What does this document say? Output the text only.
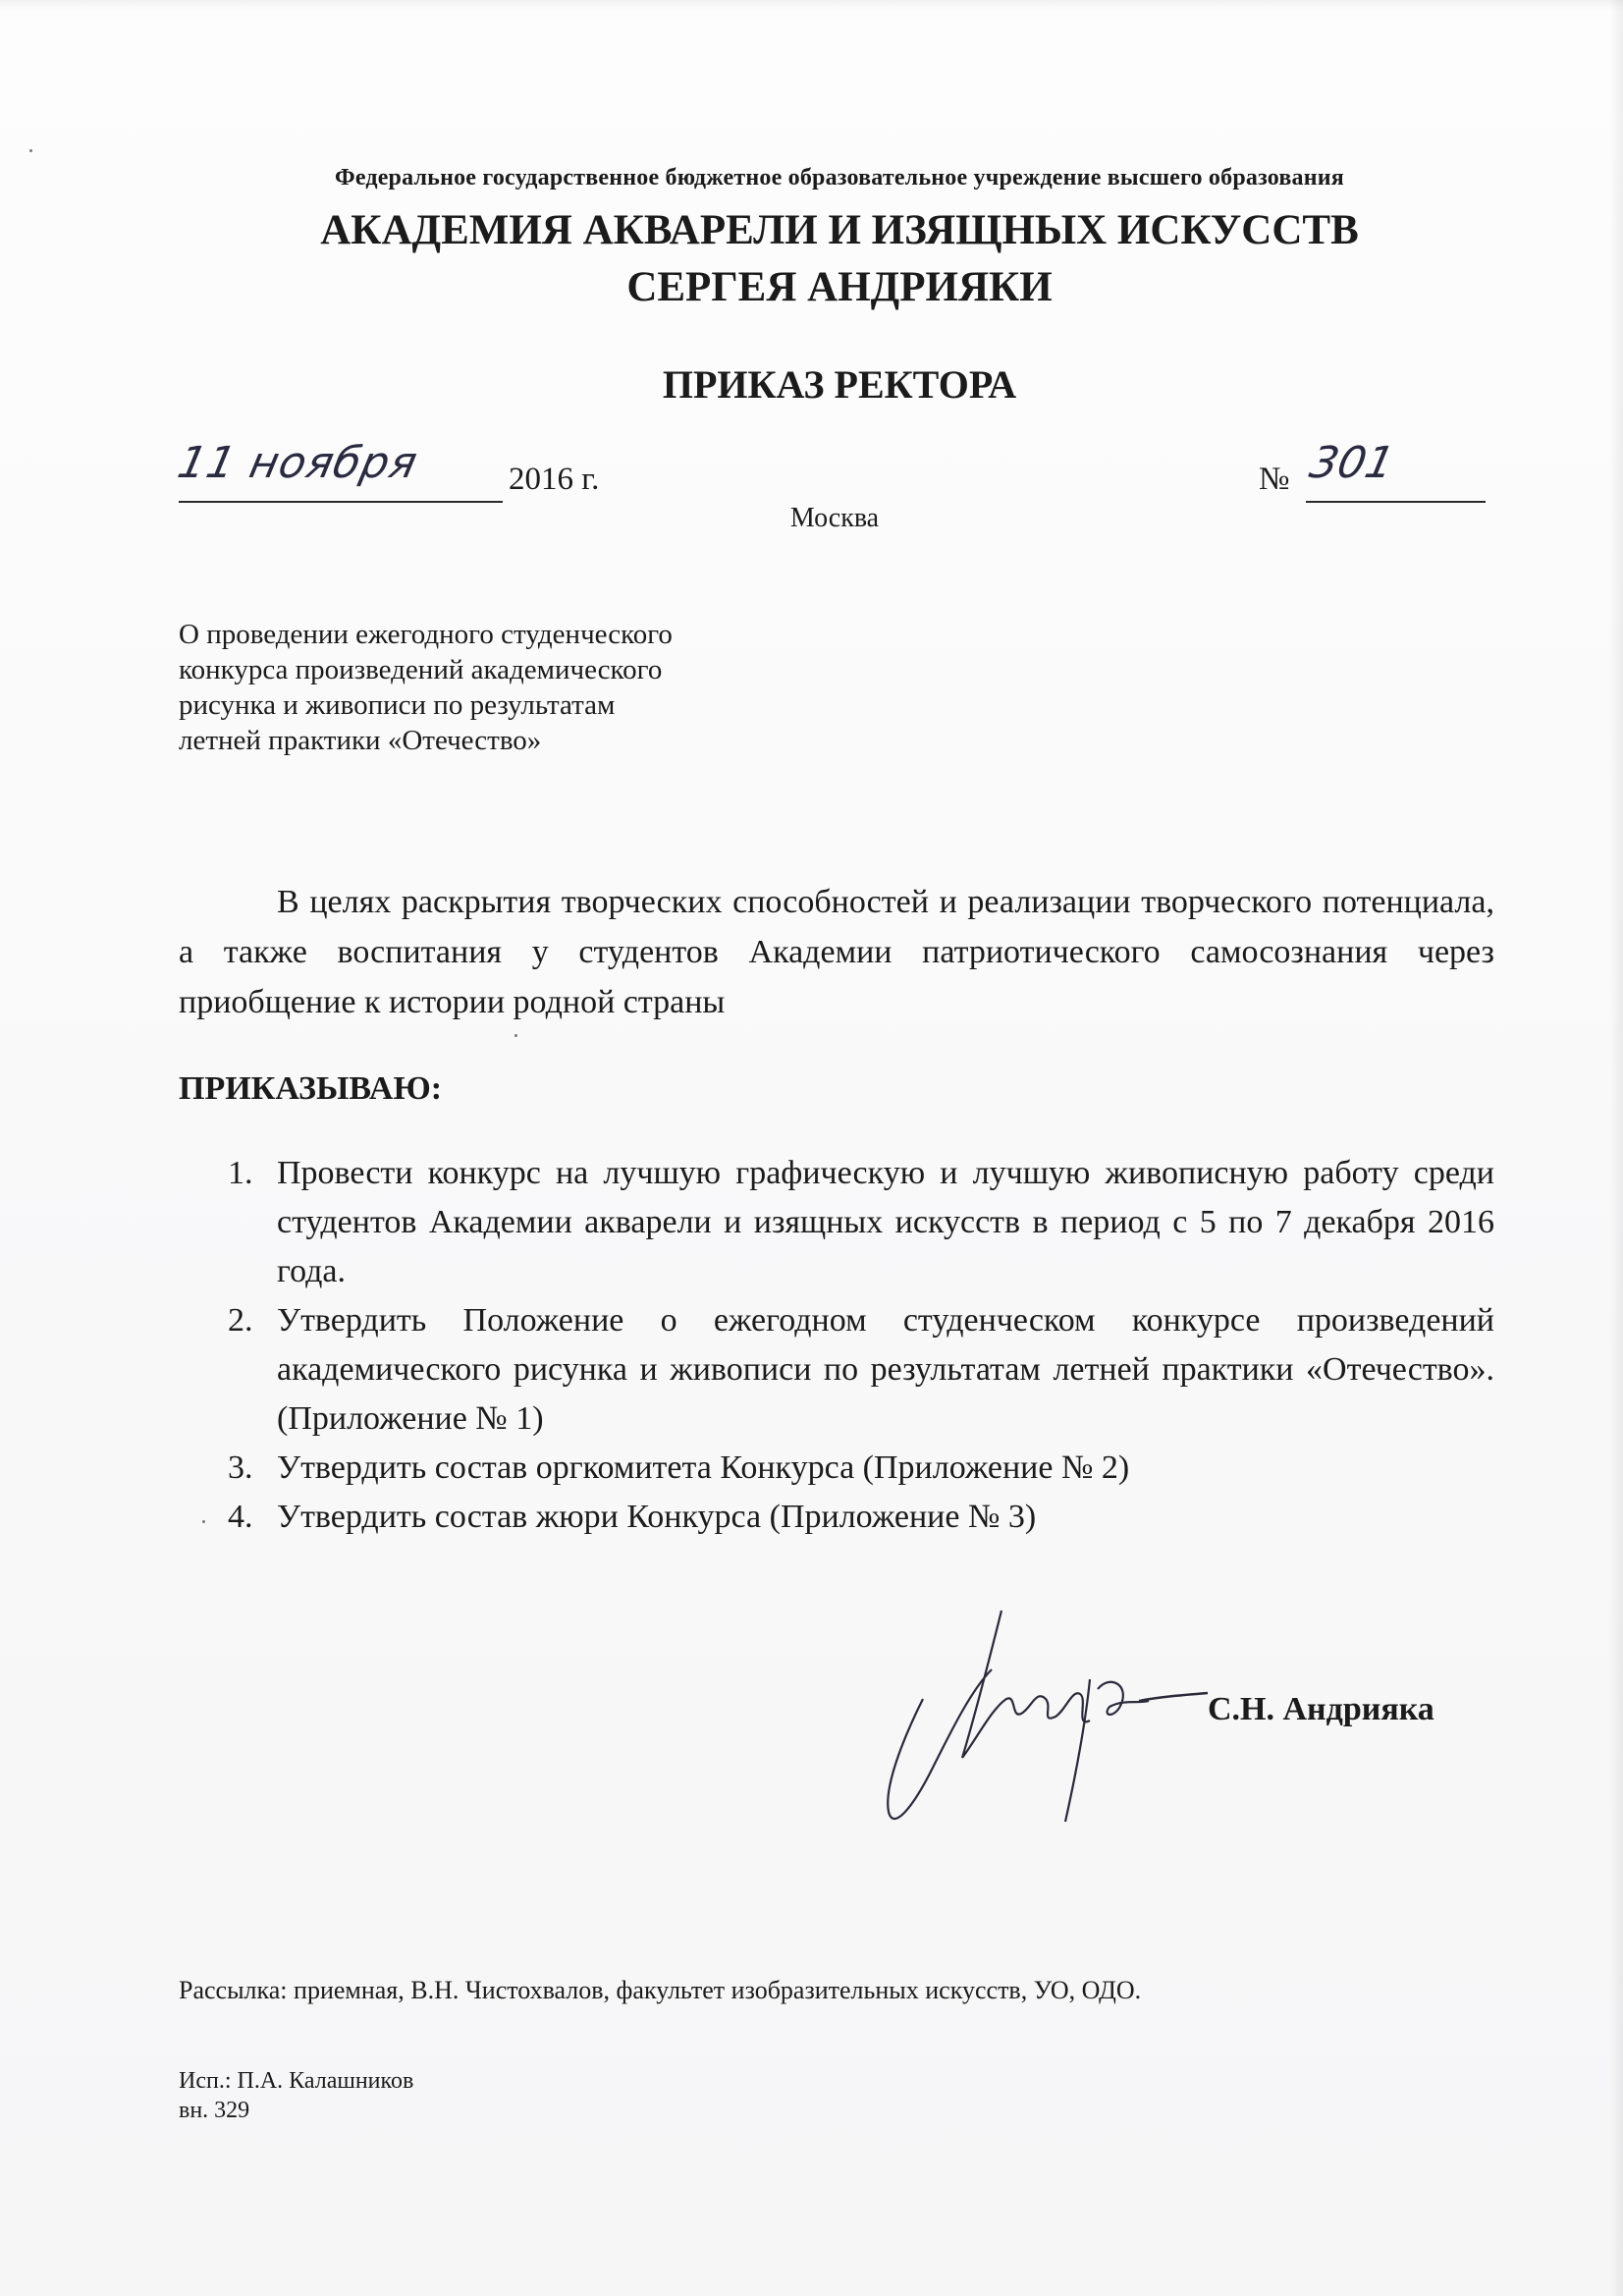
Федеральное государственное бюджетное образовательное учреждение высшего образования
АКАДЕМИЯ АКВАРЕЛИ И ИЗЯЩНЫХ ИСКУССТВ
СЕРГЕЯ АНДРИЯКИ
ПРИКАЗ РЕКТОРА
11 ноября	2016 г.	№ 301
Москва
О проведении ежегодного студенческого
конкурса произведений академического
рисунка и живописи по результатам
летней практики «Отечество»
В целях раскрытия творческих способностей и реализации творческого потенциала, а также воспитания у студентов Академии патриотического самосознания через приобщение к истории родной страны
ПРИКАЗЫВАЮ:
1. Провести конкурс на лучшую графическую и лучшую живописную работу среди студентов Академии акварели и изящных искусств в период с 5 по 7 декабря 2016 года.
2. Утвердить Положение о ежегодном студенческом конкурсе произведений академического рисунка и живописи по результатам летней практики «Отечество». (Приложение № 1)
3. Утвердить состав оргкомитета Конкурса (Приложение № 2)
4. Утвердить состав жюри Конкурса (Приложение № 3)
С.Н. Андрияка
Рассылка: приемная, В.Н. Чистохвалов, факультет изобразительных искусств, УО, ОДО.
Исп.: П.А. Калашников
вн. 329
